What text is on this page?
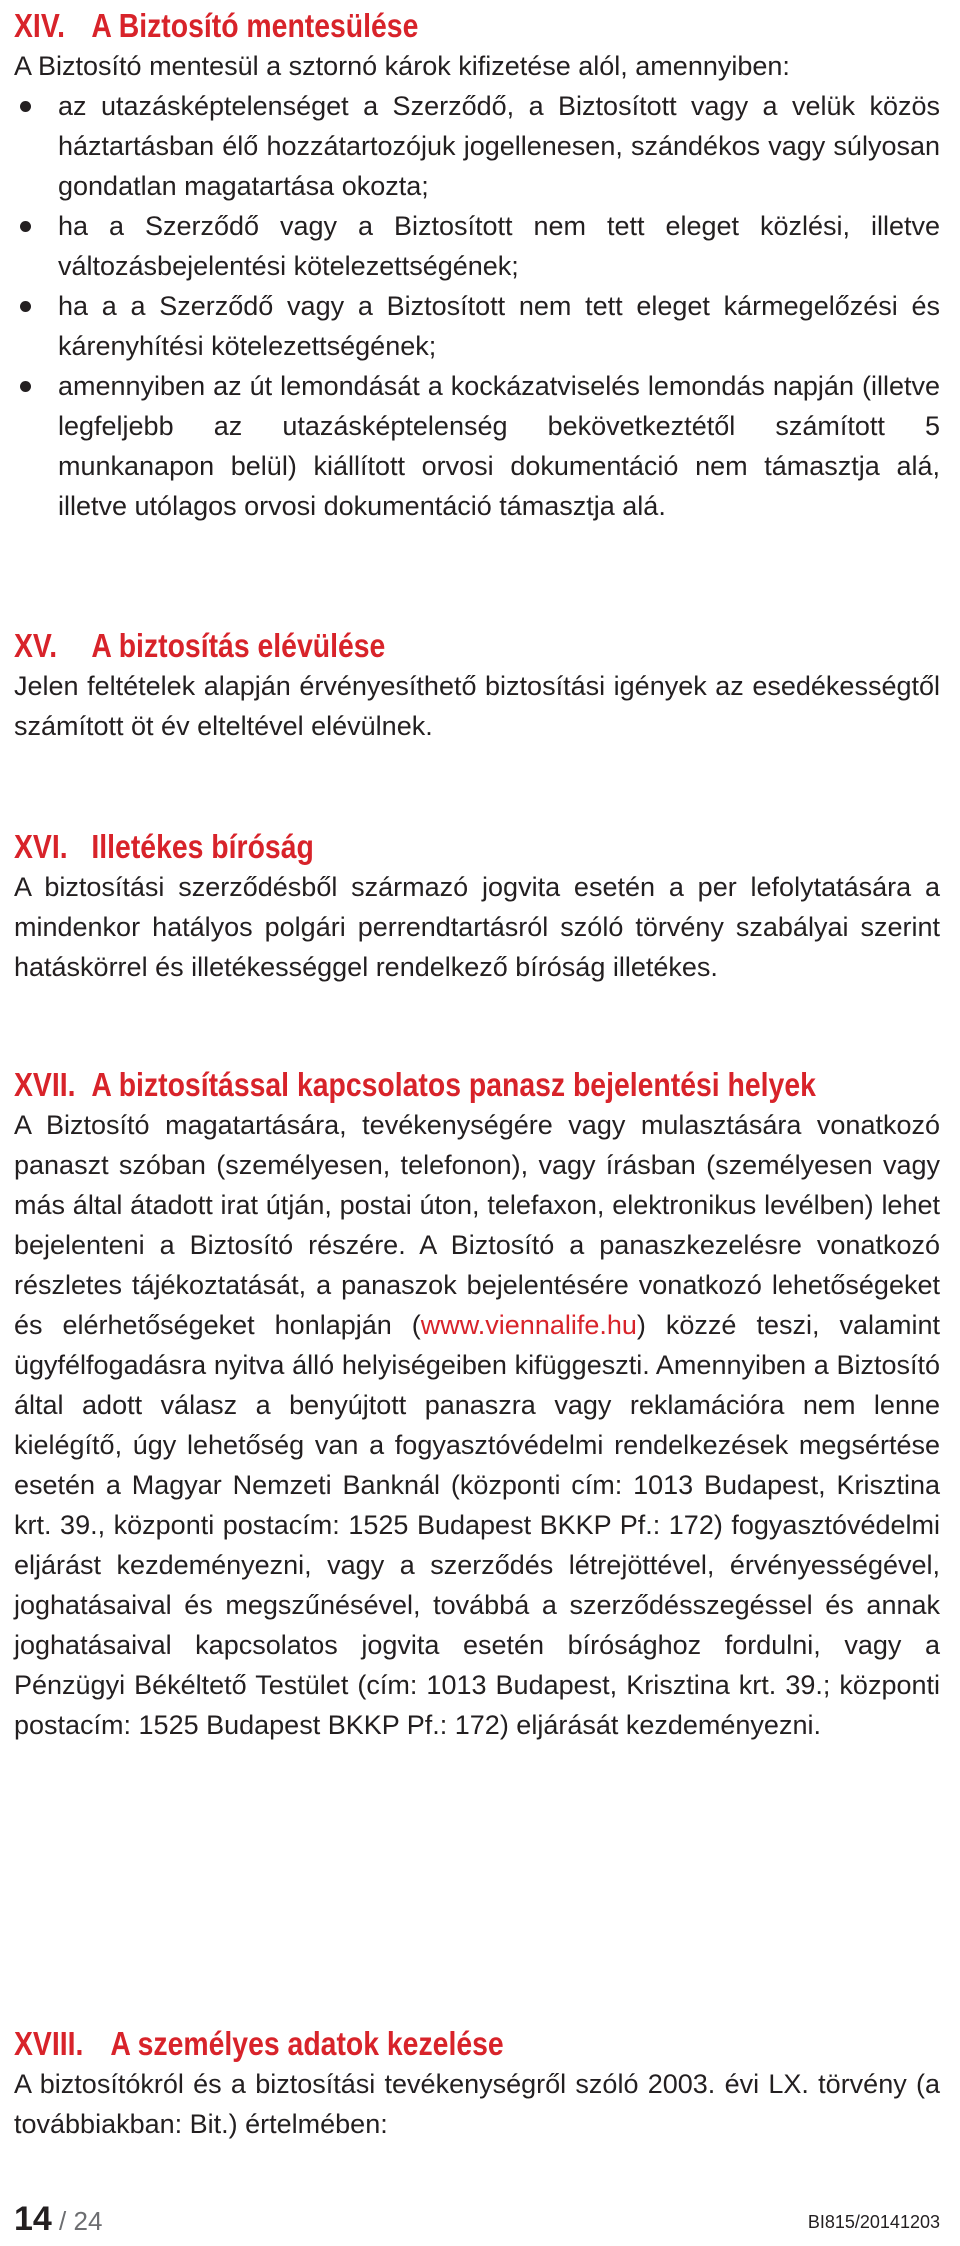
XIV. A Biztosító mentesülése

A Biztosító mentesül a sztornó károk kifizetése alól, amennyiben:

az utazásképtelenséget a Szerződő, a Biztosított vagy a velük közös háztartásban élő hozzátartozójuk jogellenesen, szándékos vagy súlyosan gondatlan magatartása okozta;
ha a Szerződő vagy a Biztosított nem tett eleget közlési, illetve változásbejelentési kötelezettségének;
ha a a Szerződő vagy a Biztosított nem tett eleget kármegelőzési és kárenyhítési kötelezettségének;
amennyiben az út lemondását a kockázatviselés lemondás napján (illetve legfeljebb az utazásképtelenség bekövetkeztétől számított 5 munkanapon belül) kiállított orvosi dokumentáció nem támasztja alá, illetve utólagos orvosi dokumentáció támasztja alá.
XV.	A biztosítás elévülése

Jelen feltételek alapján érvényesíthető biztosítási igények az esedékességtől számított öt év elteltével elévülnek.

XVI. Illetékes bíróság

A biztosítási szerződésből származó jogvita esetén a per lefolytatására a mindenkor hatályos polgári perrendtartásról szóló törvény szabályai szerint hatáskörrel és illetékességgel rendelkező bíróság illetékes.

XVII. A biztosítással kapcsolatos panasz bejelentési helyek

A Biztosító magatartására, tevékenységére vagy mulasztására vonatkozó panaszt szóban (személyesen, telefonon), vagy írásban (személyesen vagy más által átadott irat útján, postai úton, telefaxon, elektronikus levélben) lehet bejelenteni a Biztosító részére. A Biztosító a panaszkezelésre vonatkozó részletes tájékoztatását, a panaszok bejelentésére vonatkozó lehetőségeket és elérhetőségeket honlapján (www.viennalife.hu) közzé teszi, valamint ügyfélfogadásra nyitva álló helyiségeiben kifüggeszti. Amennyiben a Biztosító által adott válasz a benyújtott panaszra vagy reklamációra nem lenne kielégítő, úgy lehetőség van a fogyasztóvédelmi rendelkezések megsértése esetén a Magyar Nemzeti Banknál (központi cím: 1013 Budapest, Krisztina krt. 39., központi postacím: 1525 Budapest BKKP Pf.: 172) fogyasztóvédelmi eljárást kezdeményezni, vagy a szerződés létrejöttével, érvényességével, joghatásaival és megszűnésével, továbbá a szerződésszegéssel és annak joghatásaival kapcsolatos jogvita esetén bírósághoz fordulni, vagy a Pénzügyi Békéltető Testület (cím: 1013 Budapest, Krisztina krt. 39.; központi postacím: 1525 Budapest BKKP Pf.: 172) eljárását kezdeményezni.

XVIII. A személyes adatok kezelése

A biztosítókról és a biztosítási tevékenységről szóló 2003. évi LX. törvény (a továbbiakban: Bit.) értelmében:

14 / 24	BI815/20141203
